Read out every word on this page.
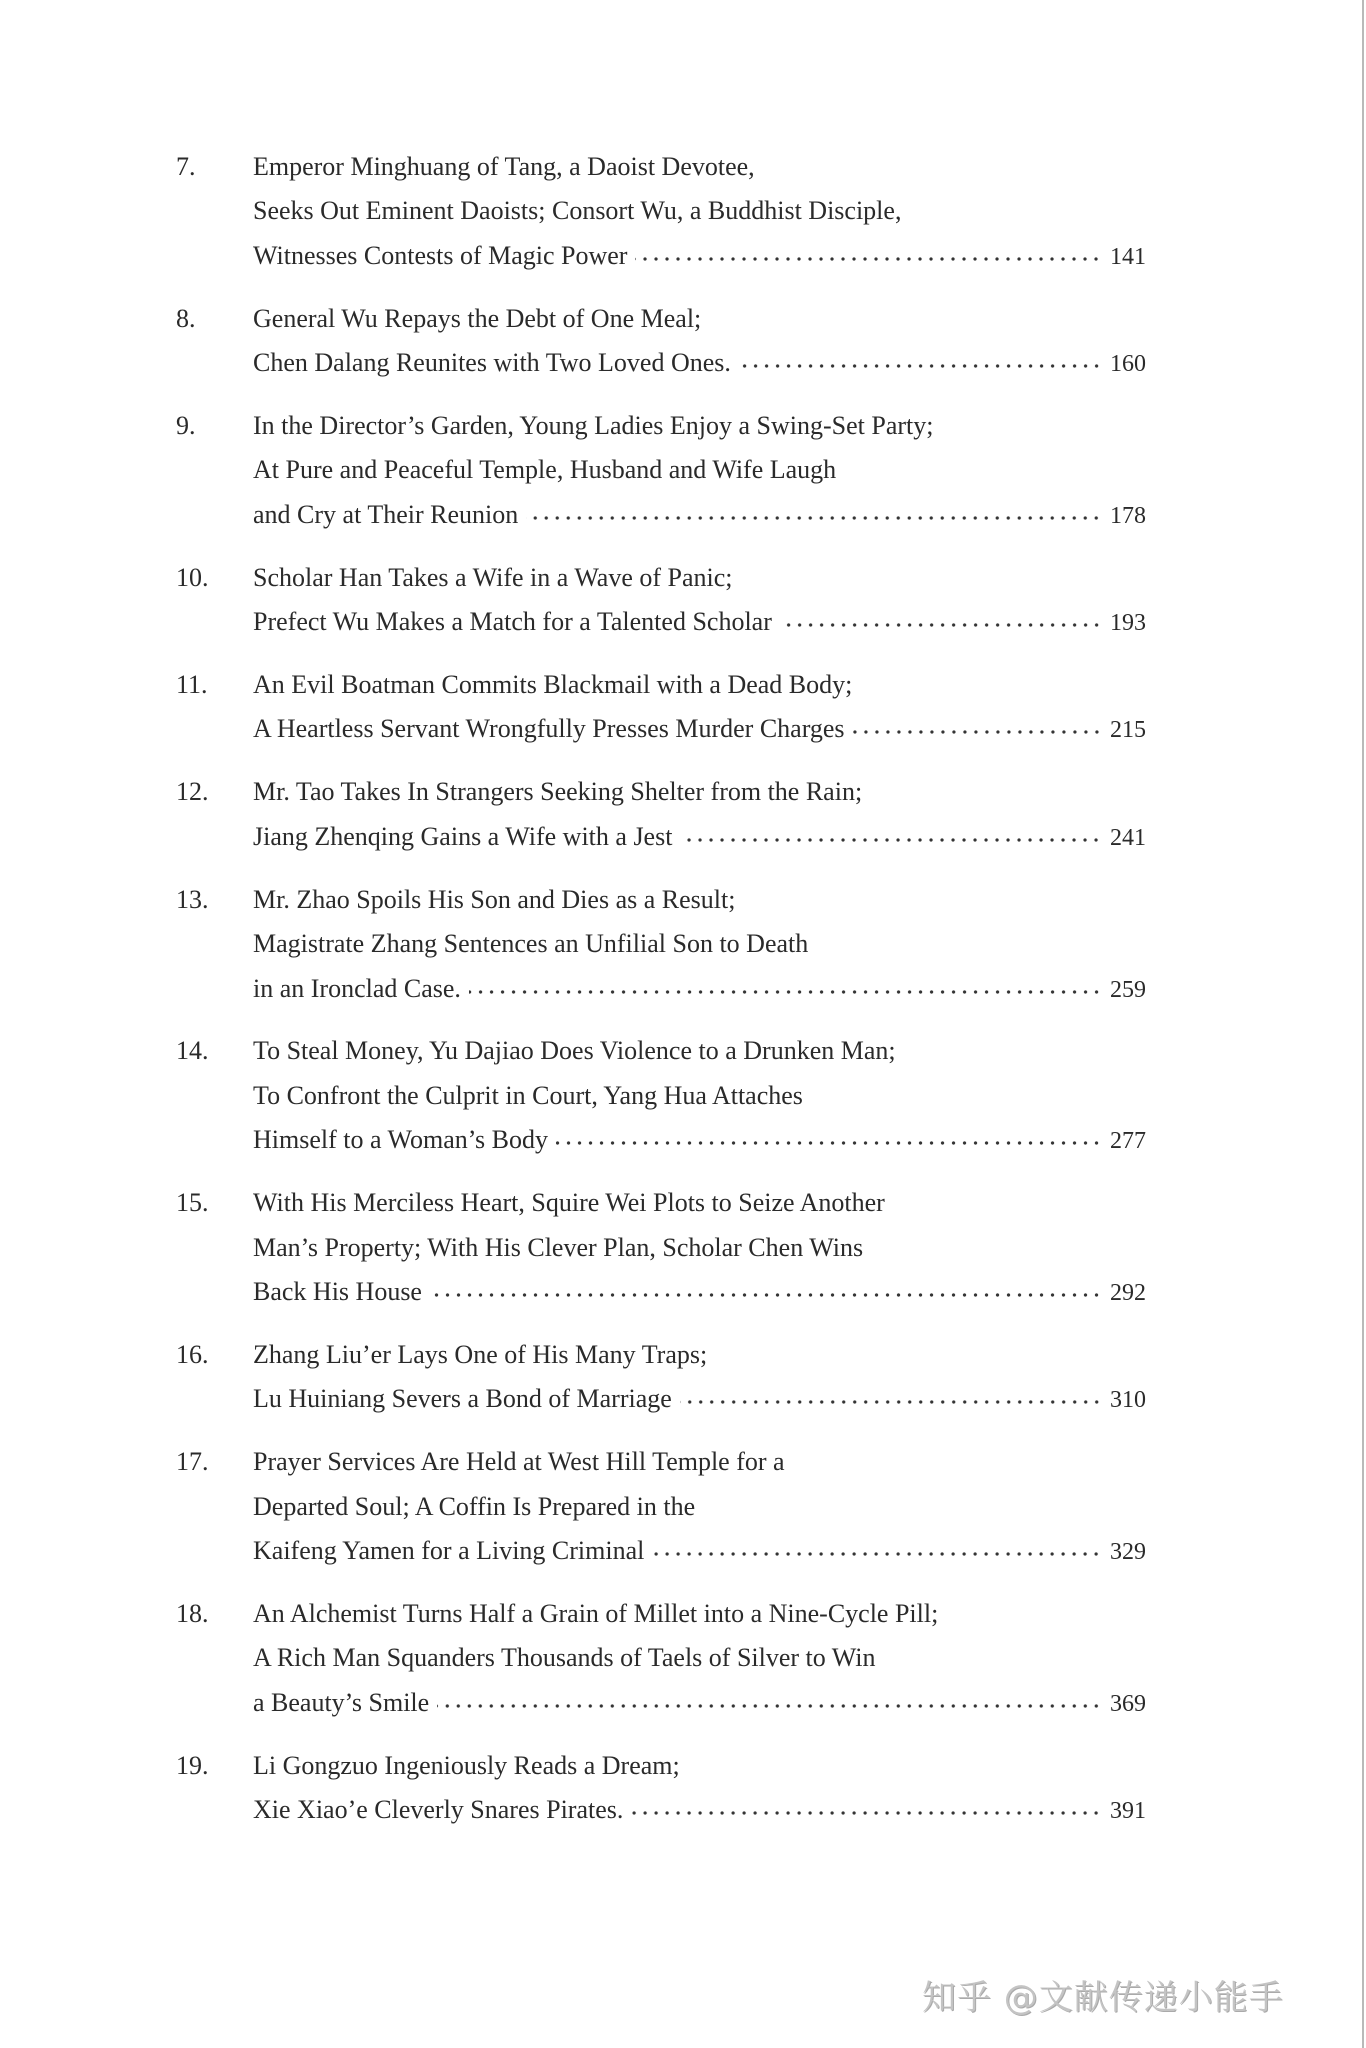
7.	Emperor Minghuang of Tang, a Daoist Devotee,
Seeks Out Eminent Daoists; Consort Wu, a Buddhist Disciple,
Witnesses Contests of Magic Power	141
8.	General Wu Repays the Debt of One Meal;
Chen Dalang Reunites with Two Loved Ones.	160
9.	In the Director’s Garden, Young Ladies Enjoy a Swing-Set Party;
At Pure and Peaceful Temple, Husband and Wife Laugh
and Cry at Their Reunion	178
10.	Scholar Han Takes a Wife in a Wave of Panic;
Prefect Wu Makes a Match for a Talented Scholar	193
11.	An Evil Boatman Commits Blackmail with a Dead Body;
A Heartless Servant Wrongfully Presses Murder Charges	215
12.	Mr. Tao Takes In Strangers Seeking Shelter from the Rain;
Jiang Zhenqing Gains a Wife with a Jest	241
13.	Mr. Zhao Spoils His Son and Dies as a Result;
Magistrate Zhang Sentences an Unfilial Son to Death
in an Ironclad Case.	259
14.	To Steal Money, Yu Dajiao Does Violence to a Drunken Man;
To Confront the Culprit in Court, Yang Hua Attaches
Himself to a Woman’s Body	277
15.	With His Merciless Heart, Squire Wei Plots to Seize Another
Man’s Property; With His Clever Plan, Scholar Chen Wins
Back His House	292
16.	Zhang Liu’er Lays One of His Many Traps;
Lu Huiniang Severs a Bond of Marriage	310
17.	Prayer Services Are Held at West Hill Temple for a
Departed Soul; A Coffin Is Prepared in the
Kaifeng Yamen for a Living Criminal	329
18.	An Alchemist Turns Half a Grain of Millet into a Nine-Cycle Pill;
A Rich Man Squanders Thousands of Taels of Silver to Win
a Beauty’s Smile	369
19.	Li Gongzuo Ingeniously Reads a Dream;
Xie Xiao’e Cleverly Snares Pirates.	391
知乎 @文献传递小能手
